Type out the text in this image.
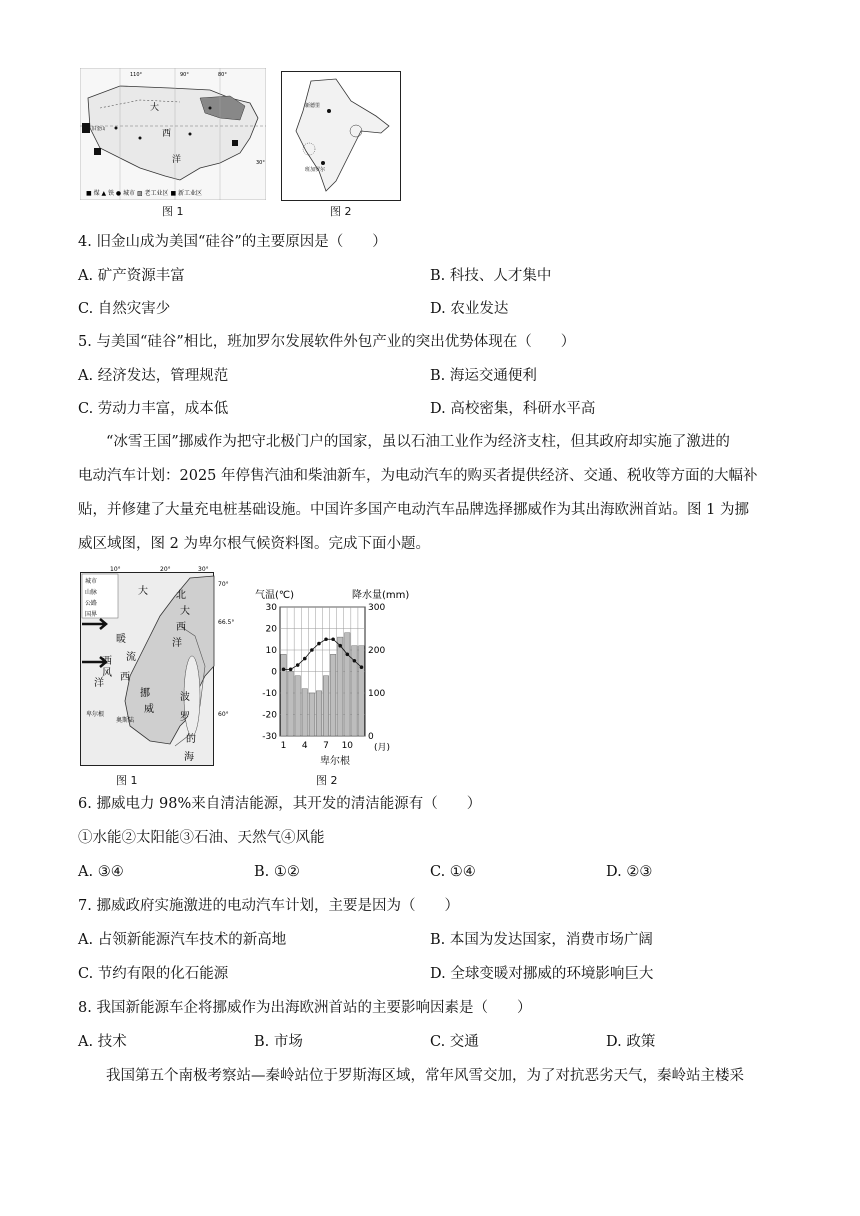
110°	90°	80°
大
西
洋	30°
旧金山
■ 煤 ▲ 铁 ● 城市 ▨ 老工业区 ■ 新工业区
图 1
新德里
班加罗尔
图 2
4. 旧金山成为美国“硅谷”的主要原因是（　　）
A. 矿产资源丰富	B. 科技、人才集中
C. 自然灾害少	D. 农业发达
5. 与美国“硅谷”相比，班加罗尔发展软件外包产业的突出优势体现在（　　）
A. 经济发达，管理规范	B. 海运交通便利
C. 劳动力丰富，成本低	D. 高校密集，科研水平高
“冰雪王国”挪威作为把守北极门户的国家，虽以石油工业作为经济支柱，但其政府却实施了激进的
电动汽车计划：2025 年停售汽油和柴油新车，为电动汽车的购买者提供经济、交通、税收等方面的大幅补
贴，并修建了大量充电桩基础设施。中国许多国产电动汽车品牌选择挪威作为其出海欧洲首站。图 1 为挪
威区域图，图 2 为卑尔根气候资料图。完成下面小题。
城市
山脉
公路
国界
10°	20°	30°
70°
66.5°
60°
大
西
洋
北
大
西
洋
暖
流
挪
威
卑尔根
奥斯陆
波
罗
的
海
西
风
图 1
气温(℃)	降水量(mm)
卑尔根
(月)
30
20
10
0
-10
-20
-30
300
200
100
0
1 4 7 10
图 2
6. 挪威电力 98%来自清洁能源，其开发的清洁能源有（　　）
①水能②太阳能③石油、天然气④风能
A. ③④	B. ①②	C. ①④	D. ②③
7. 挪威政府实施激进的电动汽车计划，主要是因为（　　）
A. 占领新能源汽车技术的新高地	B. 本国为发达国家，消费市场广阔
C. 节约有限的化石能源	D. 全球变暖对挪威的环境影响巨大
8. 我国新能源车企将挪威作为出海欧洲首站的主要影响因素是（　　）
A. 技术	B. 市场	C. 交通	D. 政策
我国第五个南极考察站—秦岭站位于罗斯海区域，常年风雪交加，为了对抗恶劣天气，秦岭站主楼采
